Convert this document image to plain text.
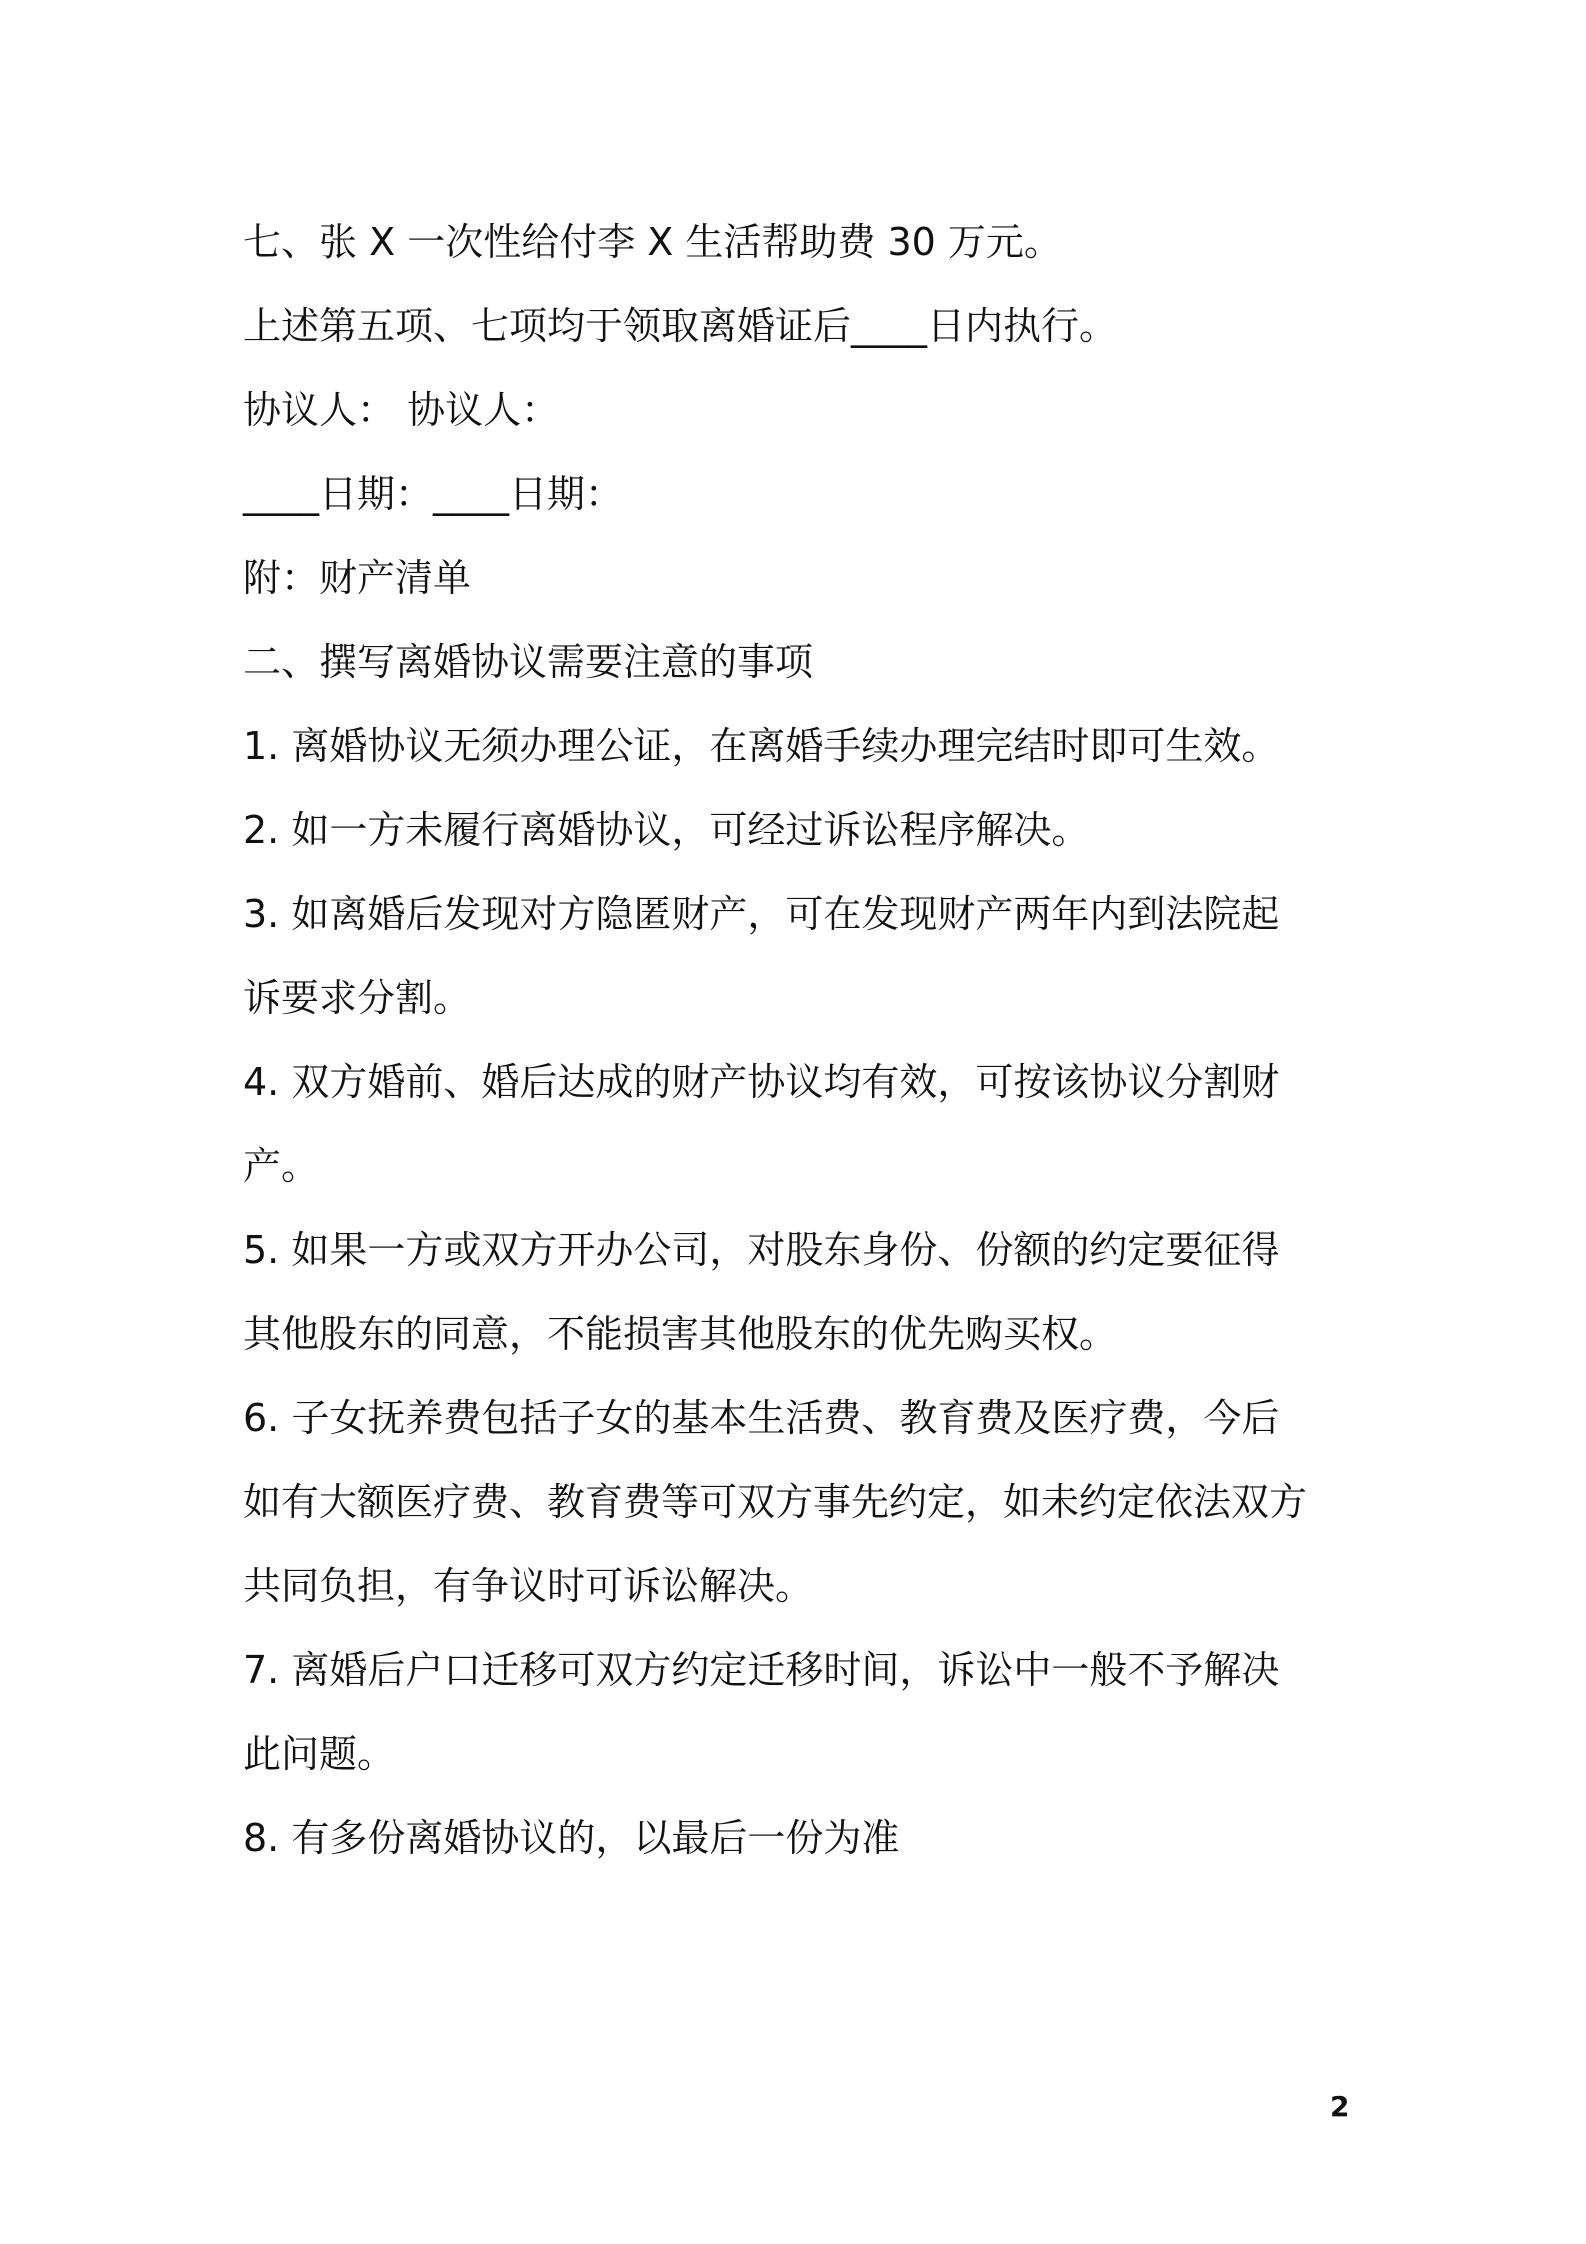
七、张 X 一次性给付李 X 生活帮助费 30 万元。
上述第五项、七项均于领取离婚证后____日内执行。
协议人： 协议人：
____日期：____日期：
附：财产清单
二、撰写离婚协议需要注意的事项
1. 离婚协议无须办理公证，在离婚手续办理完结时即可生效。
2. 如一方未履行离婚协议，可经过诉讼程序解决。
3. 如离婚后发现对方隐匿财产，可在发现财产两年内到法院起
诉要求分割。
4. 双方婚前、婚后达成的财产协议均有效，可按该协议分割财
产。
5. 如果一方或双方开办公司，对股东身份、份额的约定要征得
其他股东的同意，不能损害其他股东的优先购买权。
6. 子女抚养费包括子女的基本生活费、教育费及医疗费，今后
如有大额医疗费、教育费等可双方事先约定，如未约定依法双方
共同负担，有争议时可诉讼解决。
7. 离婚后户口迁移可双方约定迁移时间，诉讼中一般不予解决
此问题。
8. 有多份离婚协议的，以最后一份为准
2
